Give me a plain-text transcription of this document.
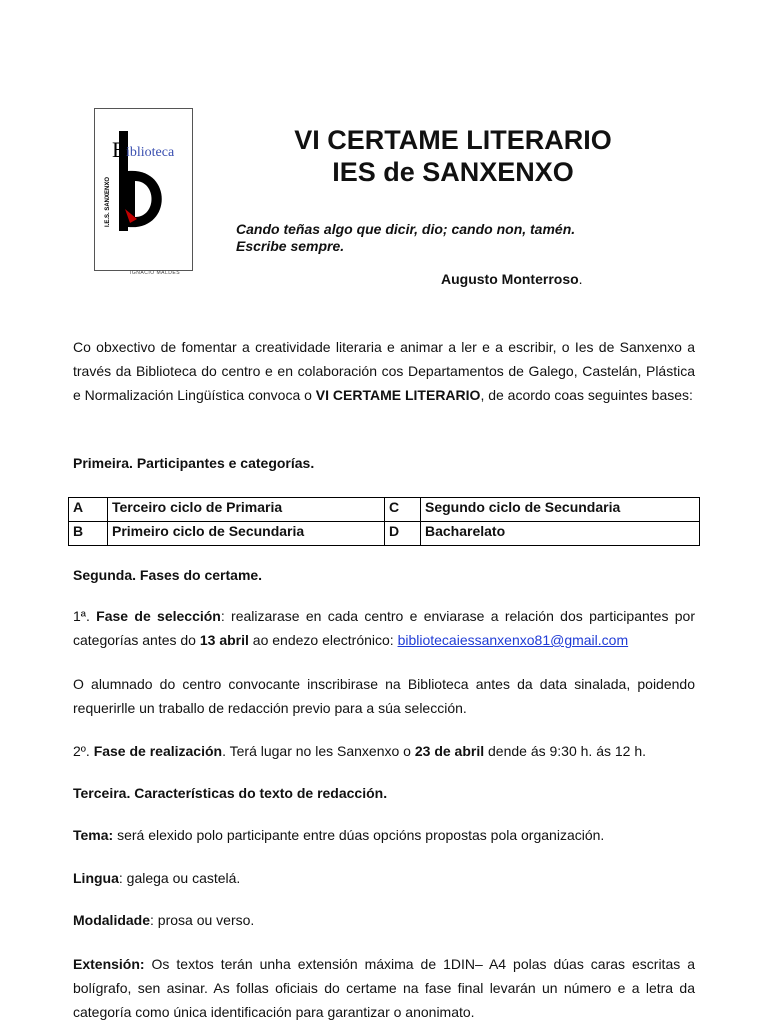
B iblioteca
I.E.S. SANXENXO
IGNACIO MALDES
VI CERTAME LITERARIO
IES de SANXENXO
Cando teñas algo que dicir, dio; cando non, tamén.
Escribe sempre.
Augusto Monterroso.
Co obxectivo de fomentar a creatividade literaria e animar a ler e a escribir, o Ies de Sanxenxo a través da Biblioteca do centro e en colaboración cos Departamentos de Galego, Castelán, Plástica e Normalización Lingüística convoca o VI CERTAME LITERARIO, de acordo coas seguintes bases:
Primeira. Participantes e categorías.
A	Terceiro ciclo de Primaria	C	Segundo ciclo de Secundaria
B	Primeiro ciclo de Secundaria	D	Bacharelato
Segunda. Fases do certame.
1ª. Fase de selección: realizarase en cada centro e enviarase a relación dos participantes por categorías antes do 13 abril ao endezo electrónico: bibliotecaiessanxenxo81@gmail.com
O alumnado do centro convocante inscribirase na Biblioteca antes da data sinalada, poidendo requerirlle un traballo de redacción previo para a súa selección.
2º. Fase de realización. Terá lugar no les Sanxenxo o 23 de abril dende ás 9:30 h. ás 12 h.
Terceira. Características do texto de redacción.
Tema: será elexido polo participante entre dúas opcións propostas pola organización.
Lingua: galega ou castelá.
Modalidade: prosa ou verso.
Extensión: Os textos terán unha extensión máxima de 1DIN– A4 polas dúas caras escritas a bolígrafo, sen asinar. As follas oficiais do certame na fase final levarán un número e a letra da categoría como única identificación para garantizar o anonimato.
